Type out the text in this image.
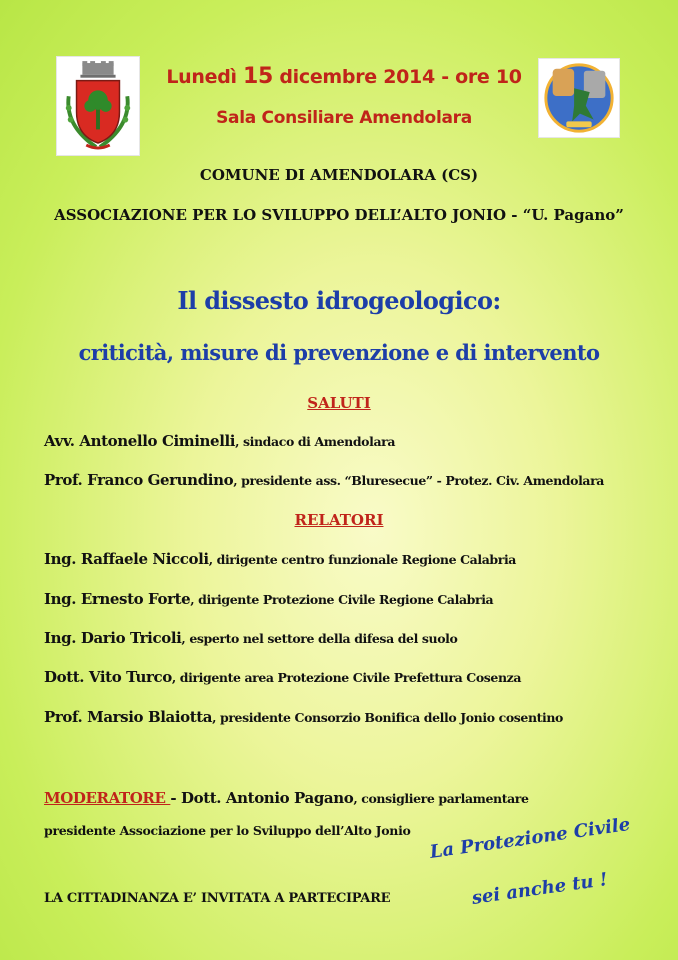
Lunedì 15 dicembre 2014 - ore 10
Sala Consiliare Amendolara
COMUNE DI AMENDOLARA (CS)
ASSOCIAZIONE PER LO SVILUPPO DELL’ALTO JONIO - “U. Pagano”
Il dissesto idrogeologico:
criticità, misure di prevenzione e di intervento
SALUTI
Avv. Antonello Ciminelli, sindaco di Amendolara
Prof. Franco Gerundino, presidente ass. “Bluresecue” - Protez. Civ. Amendolara
RELATORI
Ing. Raffaele Niccoli, dirigente centro funzionale Regione Calabria
Ing. Ernesto Forte, dirigente Protezione Civile Regione Calabria
Ing. Dario Tricoli, esperto nel settore della difesa del suolo
Dott. Vito Turco, dirigente area Protezione Civile Prefettura Cosenza
Prof. Marsio Blaiotta, presidente Consorzio Bonifica dello Jonio cosentino
MODERATORE - Dott. Antonio Pagano, consigliere parlamentare
presidente Associazione per lo Sviluppo dell’Alto Jonio
LA CITTADINANZA E’ INVITATA A PARTECIPARE
La Protezione Civile
sei anche tu !
